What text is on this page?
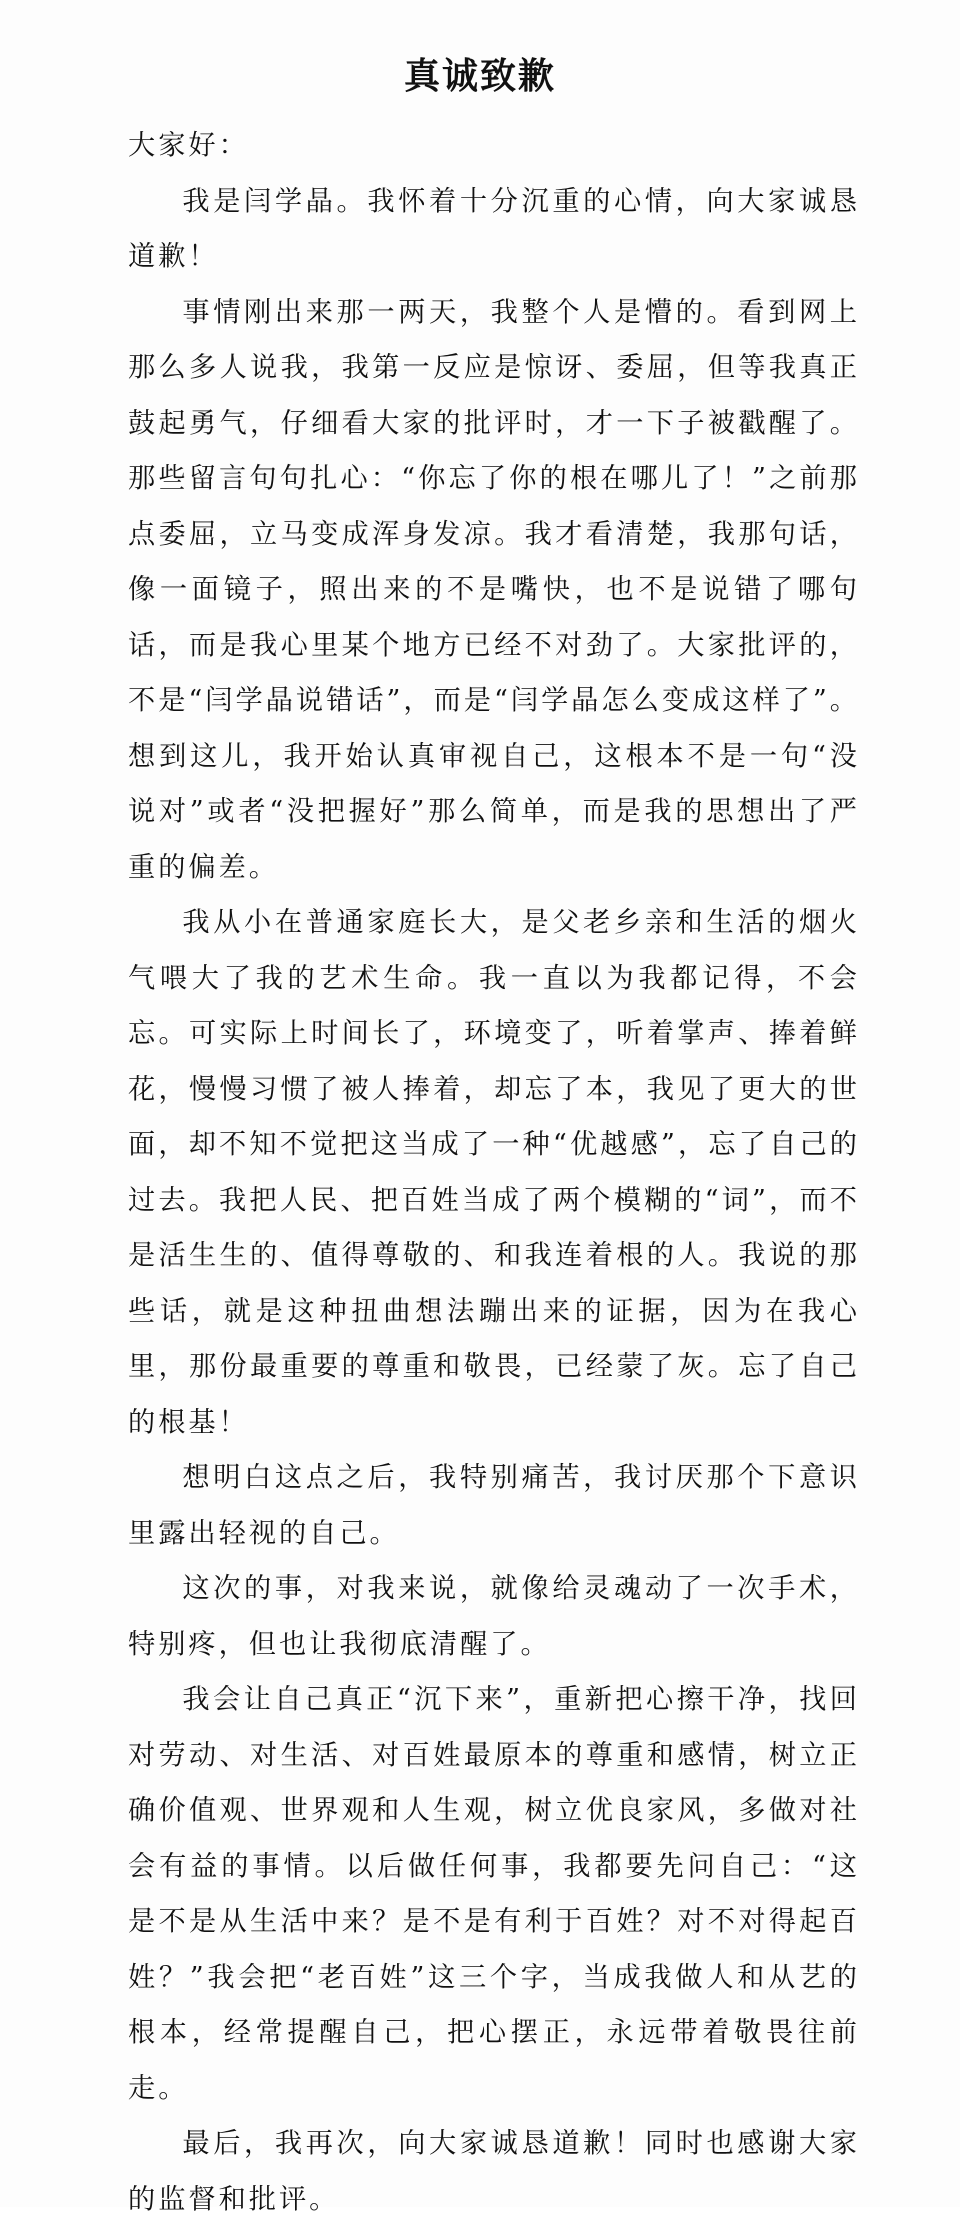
真诚致歉

大家好：

我是闫学晶。我怀着十分沉重的心情，向大家诚恳道歉！

事情刚出来那一两天，我整个人是懵的。看到网上那么多人说我，我第一反应是惊讶、委屈，但等我真正鼓起勇气，仔细看大家的批评时，才一下子被戳醒了。那些留言句句扎心：“你忘了你的根在哪儿了！”之前那点委屈，立马变成浑身发凉。我才看清楚，我那句话，像一面镜子，照出来的不是嘴快，也不是说错了哪句话，而是我心里某个地方已经不对劲了。大家批评的，不是“闫学晶说错话”，而是“闫学晶怎么变成这样了”。想到这儿，我开始认真审视自己，这根本不是一句“没说对”或者“没把握好”那么简单，而是我的思想出了严重的偏差。

我从小在普通家庭长大，是父老乡亲和生活的烟火气喂大了我的艺术生命。我一直以为我都记得，不会忘。可实际上时间长了，环境变了，听着掌声、捧着鲜花，慢慢习惯了被人捧着，却忘了本，我见了更大的世面，却不知不觉把这当成了一种“优越感”，忘了自己的过去。我把人民、把百姓当成了两个模糊的“词”，而不是活生生的、值得尊敬的、和我连着根的人。我说的那些话，就是这种扭曲想法蹦出来的证据，因为在我心里，那份最重要的尊重和敬畏，已经蒙了灰。忘了自己的根基！

想明白这点之后，我特别痛苦，我讨厌那个下意识里露出轻视的自己。

这次的事，对我来说，就像给灵魂动了一次手术，特别疼，但也让我彻底清醒了。

我会让自己真正“沉下来”，重新把心擦干净，找回对劳动、对生活、对百姓最原本的尊重和感情，树立正确价值观、世界观和人生观，树立优良家风，多做对社会有益的事情。以后做任何事，我都要先问自己：“这是不是从生活中来？是不是有利于百姓？对不对得起百姓？”我会把“老百姓”这三个字，当成我做人和从艺的根本，经常提醒自己，把心摆正，永远带着敬畏往前走。

最后，我再次，向大家诚恳道歉！同时也感谢大家的监督和批评。
